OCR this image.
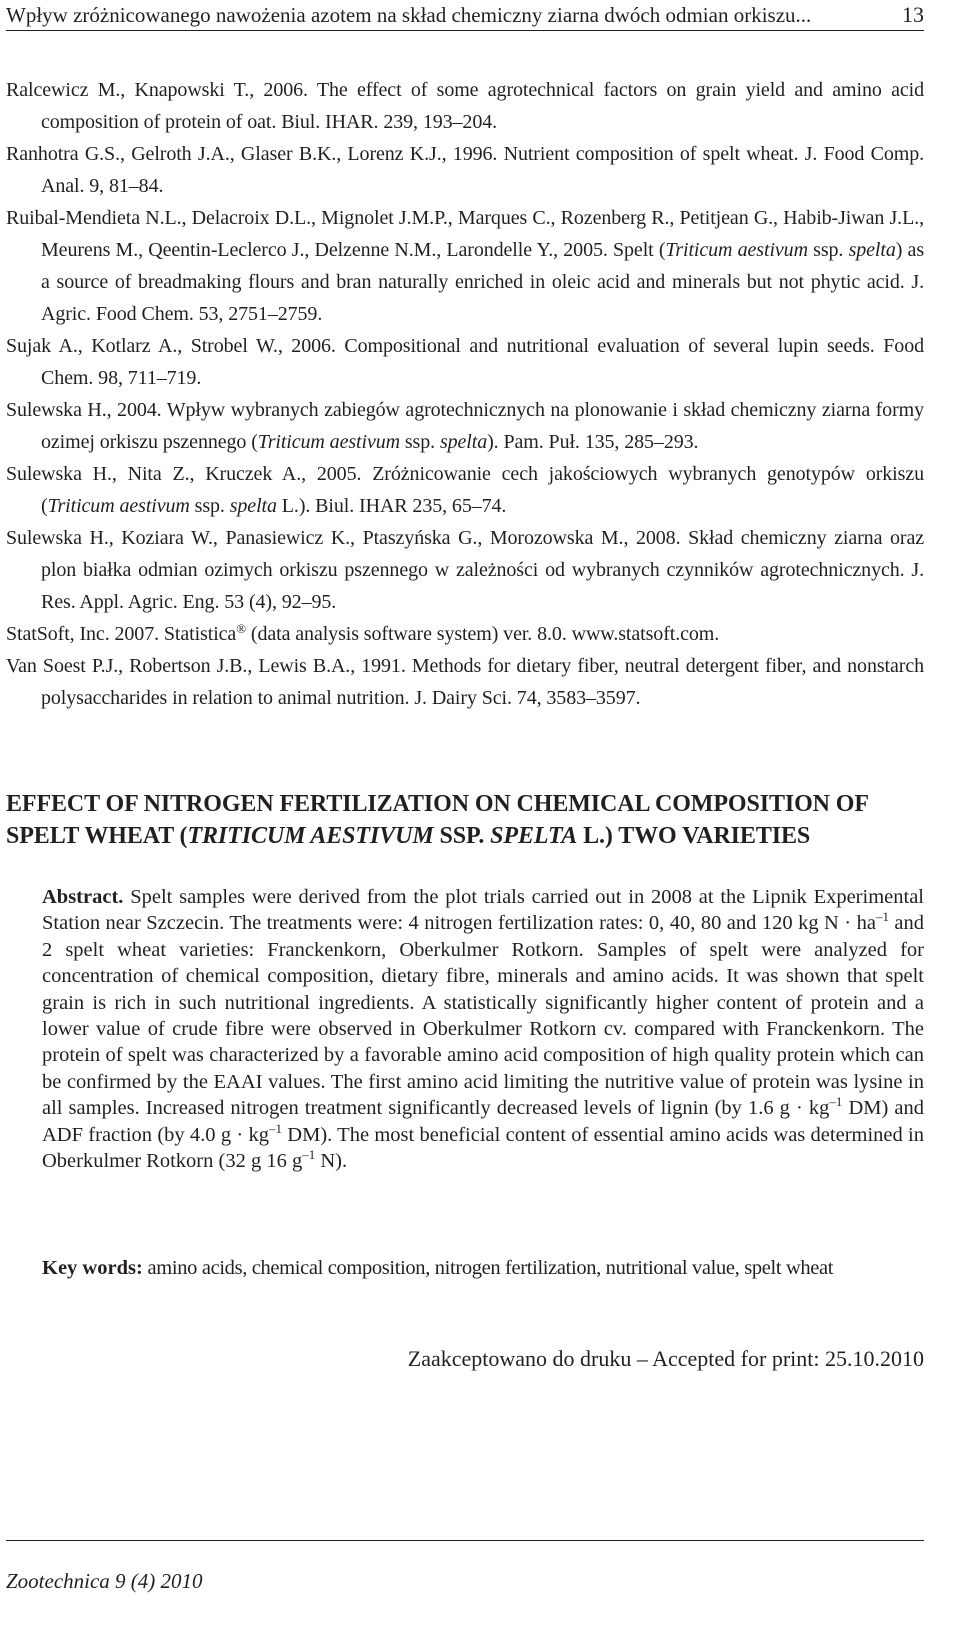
Wpływ zróżnicowanego nawożenia azotem na skład chemiczny ziarna dwóch odmian orkiszu...	13

Ralcewicz M., Knapowski T., 2006. The effect of some agrotechnical factors on grain yield and amino acid composition of protein of oat. Biul. IHAR. 239, 193–204.

Ranhotra G.S., Gelroth J.A., Glaser B.K., Lorenz K.J., 1996. Nutrient composition of spelt wheat. J. Food Comp. Anal. 9, 81–84.

Ruibal-Mendieta N.L., Delacroix D.L., Mignolet J.M.P., Marques C., Rozenberg R., Petitjean G., Habib-Jiwan J.L., Meurens M., Qeentin-Leclerco J., Delzenne N.M., Larondelle Y., 2005. Spelt (Triticum aestivum ssp. spelta) as a source of breadmaking flours and bran naturally enriched in oleic acid and minerals but not phytic acid. J. Agric. Food Chem. 53, 2751–2759.

Sujak A., Kotlarz A., Strobel W., 2006. Compositional and nutritional evaluation of several lupin seeds. Food Chem. 98, 711–719.

Sulewska H., 2004. Wpływ wybranych zabiegów agrotechnicznych na plonowanie i skład chemiczny ziarna formy ozimej orkiszu pszennego (Triticum aestivum ssp. spelta). Pam. Puł. 135, 285–293.

Sulewska H., Nita Z., Kruczek A., 2005. Zróżnicowanie cech jakościowych wybranych genotypów orkiszu (Triticum aestivum ssp. spelta L.). Biul. IHAR 235, 65–74.

Sulewska H., Koziara W., Panasiewicz K., Ptaszyńska G., Morozowska M., 2008. Skład chemiczny ziarna oraz plon białka odmian ozimych orkiszu pszennego w zależności od wybranych czynników agrotechnicznych. J. Res. Appl. Agric. Eng. 53 (4), 92–95.

StatSoft, Inc. 2007. Statistica® (data analysis software system) ver. 8.0. www.statsoft.com.

Van Soest P.J., Robertson J.B., Lewis B.A., 1991. Methods for dietary fiber, neutral detergent fiber, and nonstarch polysaccharides in relation to animal nutrition. J. Dairy Sci. 74, 3583–3597.

EFFECT OF NITROGEN FERTILIZATION ON CHEMICAL COMPOSITION OF SPELT WHEAT (TRITICUM AESTIVUM SSP. SPELTA L.) TWO VARIETIES

Abstract. Spelt samples were derived from the plot trials carried out in 2008 at the Lipnik Experimental Station near Szczecin. The treatments were: 4 nitrogen fertilization rates: 0, 40, 80 and 120 kg $N \cdot ha^{-1}$ and 2 spelt wheat varieties: Franckenkorn, Oberkulmer Rotkorn. Samples of spelt were analyzed for concentration of chemical composition, dietary fibre, minerals and amino acids. It was shown that spelt grain is rich in such nutritional ingredients. A statistically significantly higher content of protein and a lower value of crude fibre were observed in Oberkulmer Rotkorn cv. compared with Franckenkorn. The protein of spelt was characterized by a favorable amino acid composition of high quality protein which can be confirmed by the EAAI values. The first amino acid limiting the nutritive value of protein was lysine in all samples. Increased nitrogen treatment significantly decreased levels of lignin (by 1.6 $g \cdot kg^{-1}$ DM) and ADF fraction (by 4.0 $g \cdot kg^{-1}$ DM). The most beneficial content of essential amino acids was determined in Oberkulmer Rotkorn (32 g 16 $g^{-1}$ N).

Key words: amino acids, chemical composition, nitrogen fertilization, nutritional value, spelt wheat

Zaakceptowano do druku – Accepted for print: 25.10.2010
Zootechnica 9 (4) 2010
